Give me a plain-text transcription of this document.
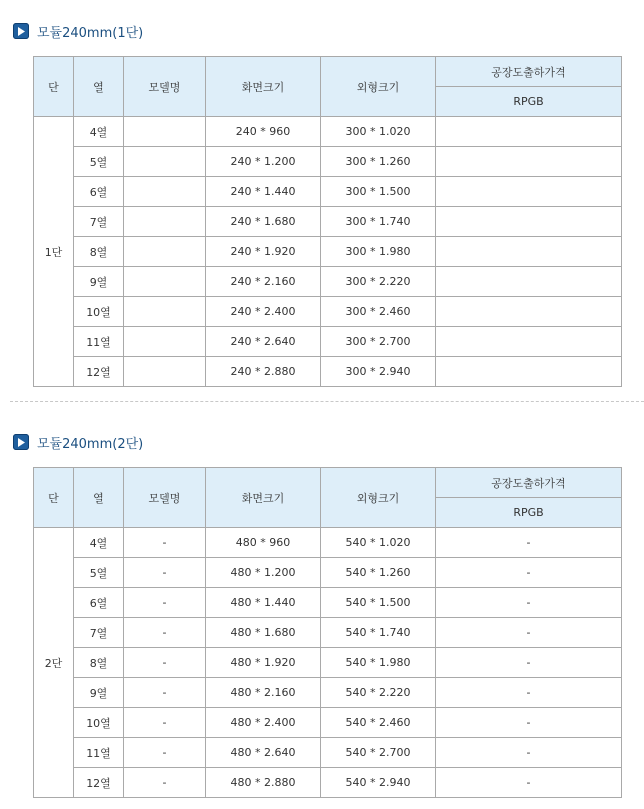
모듈240mm(1단)
단	열	모델명	화면크기	외형크기	공장도출하가격
					RPGB
1단	4열		240 * 960	300 * 1.020	
	5열		240 * 1.200	300 * 1.260	
	6열		240 * 1.440	300 * 1.500	
	7열		240 * 1.680	300 * 1.740	
	8열		240 * 1.920	300 * 1.980	
	9열		240 * 2.160	300 * 2.220	
	10열		240 * 2.400	300 * 2.460	
	11열		240 * 2.640	300 * 2.700	
	12열		240 * 2.880	300 * 2.940	
모듈240mm(2단)
단	열	모델명	화면크기	외형크기	공장도출하가격
					RPGB
2단	4열	-	480 * 960	540 * 1.020	-
	5열	-	480 * 1.200	540 * 1.260	-
	6열	-	480 * 1.440	540 * 1.500	-
	7열	-	480 * 1.680	540 * 1.740	-
	8열	-	480 * 1.920	540 * 1.980	-
	9열	-	480 * 2.160	540 * 2.220	-
	10열	-	480 * 2.400	540 * 2.460	-
	11열	-	480 * 2.640	540 * 2.700	-
	12열	-	480 * 2.880	540 * 2.940	-
